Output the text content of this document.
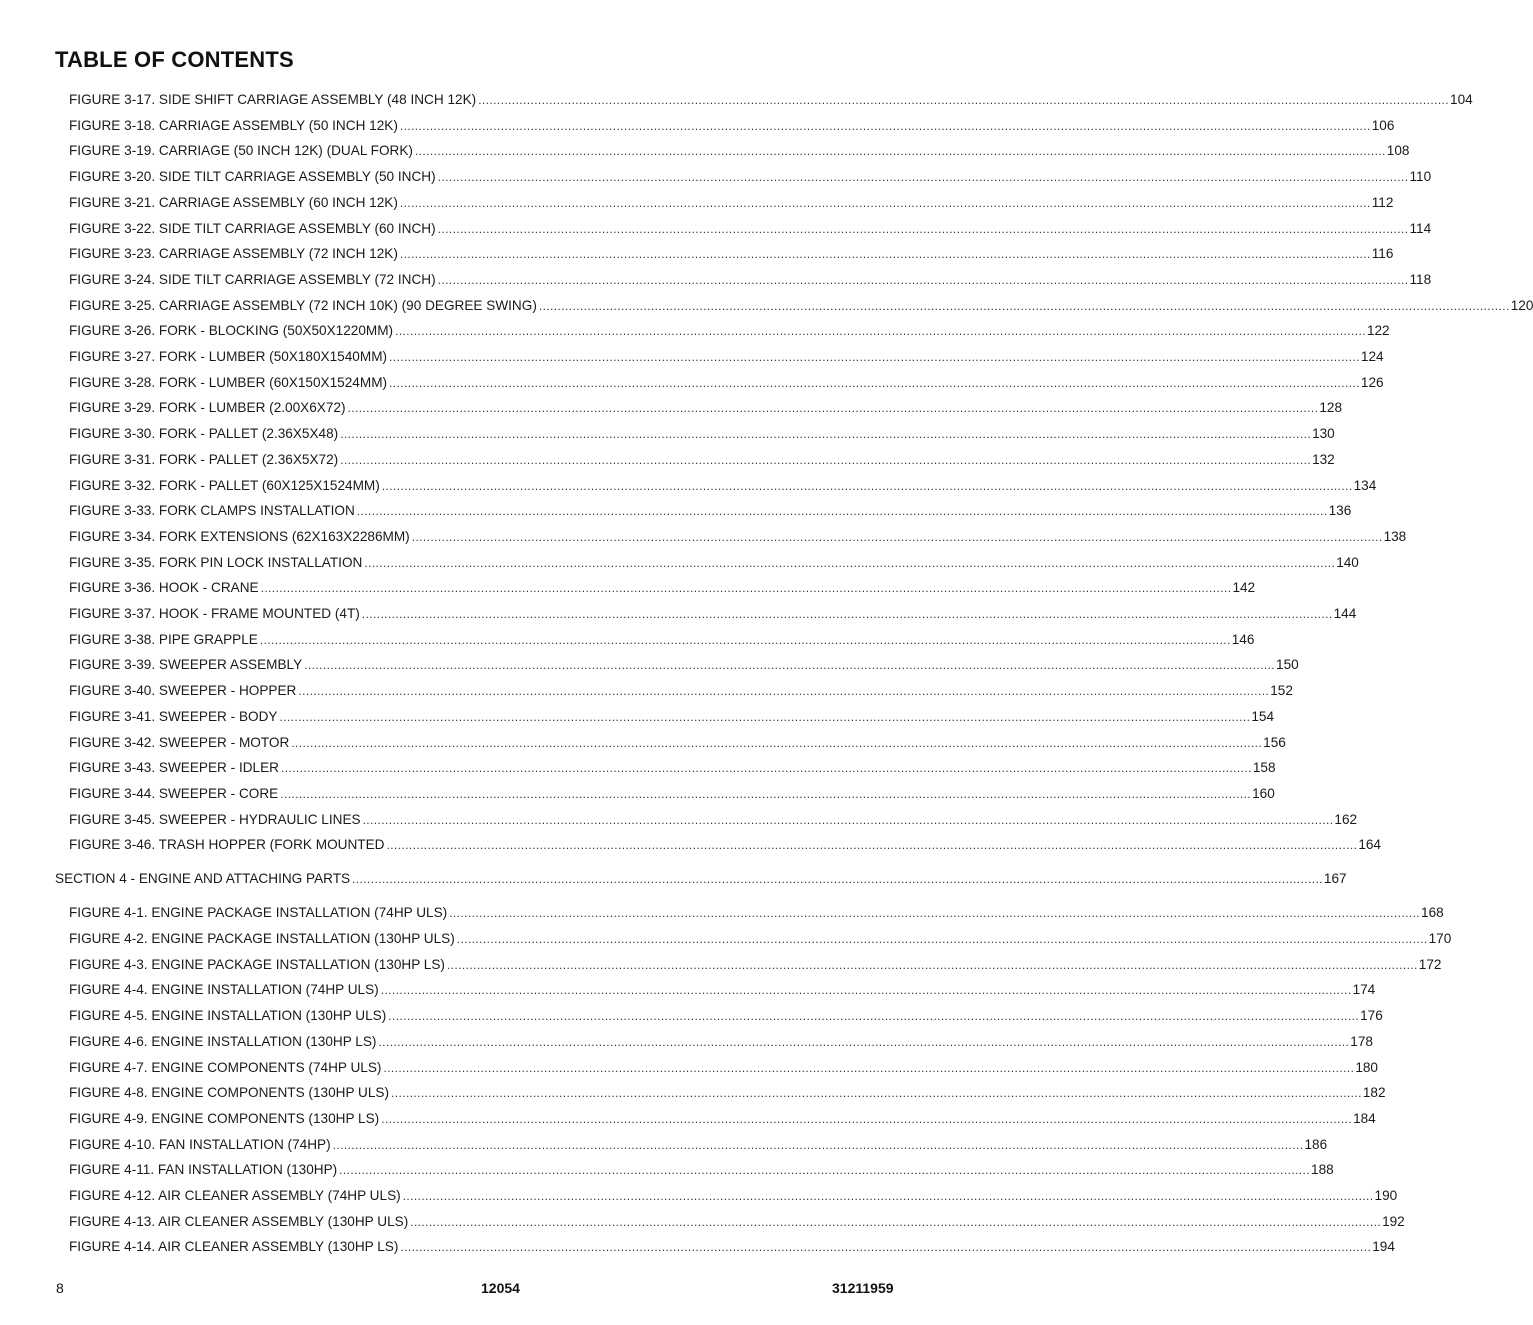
TABLE OF CONTENTS
FIGURE 3-17. SIDE SHIFT CARRIAGE ASSEMBLY (48 INCH 12K) .................................................................................................................................................................................................................................................................... 104
FIGURE 3-18. CARRIAGE ASSEMBLY (50 INCH 12K) .................................................................................................................................................................................................................................................................... 106
FIGURE 3-19. CARRIAGE (50 INCH 12K) (DUAL FORK) .................................................................................................................................................................................................................................................................... 108
FIGURE 3-20. SIDE TILT CARRIAGE ASSEMBLY (50 INCH) .................................................................................................................................................................................................................................................................... 110
FIGURE 3-21. CARRIAGE ASSEMBLY (60 INCH 12K) .................................................................................................................................................................................................................................................................... 112
FIGURE 3-22. SIDE TILT CARRIAGE ASSEMBLY (60 INCH) .................................................................................................................................................................................................................................................................... 114
FIGURE 3-23. CARRIAGE ASSEMBLY (72 INCH 12K) .................................................................................................................................................................................................................................................................... 116
FIGURE 3-24. SIDE TILT CARRIAGE ASSEMBLY (72 INCH) .................................................................................................................................................................................................................................................................... 118
FIGURE 3-25. CARRIAGE ASSEMBLY (72 INCH 10K) (90 DEGREE SWING) .................................................................................................................................................................................................................................................................... 120
FIGURE 3-26. FORK - BLOCKING (50X50X1220MM) .................................................................................................................................................................................................................................................................... 122
FIGURE 3-27. FORK - LUMBER (50X180X1540MM) .................................................................................................................................................................................................................................................................... 124
FIGURE 3-28. FORK - LUMBER (60X150X1524MM) .................................................................................................................................................................................................................................................................... 126
FIGURE 3-29. FORK - LUMBER (2.00X6X72) .................................................................................................................................................................................................................................................................... 128
FIGURE 3-30. FORK - PALLET (2.36X5X48) .................................................................................................................................................................................................................................................................... 130
FIGURE 3-31. FORK - PALLET (2.36X5X72) .................................................................................................................................................................................................................................................................... 132
FIGURE 3-32. FORK - PALLET (60X125X1524MM) .................................................................................................................................................................................................................................................................... 134
FIGURE 3-33. FORK CLAMPS INSTALLATION .................................................................................................................................................................................................................................................................... 136
FIGURE 3-34. FORK EXTENSIONS (62X163X2286MM) .................................................................................................................................................................................................................................................................... 138
FIGURE 3-35. FORK PIN LOCK INSTALLATION .................................................................................................................................................................................................................................................................... 140
FIGURE 3-36. HOOK - CRANE .................................................................................................................................................................................................................................................................... 142
FIGURE 3-37. HOOK - FRAME MOUNTED (4T) .................................................................................................................................................................................................................................................................... 144
FIGURE 3-38. PIPE GRAPPLE .................................................................................................................................................................................................................................................................... 146
FIGURE 3-39. SWEEPER ASSEMBLY .................................................................................................................................................................................................................................................................... 150
FIGURE 3-40. SWEEPER - HOPPER .................................................................................................................................................................................................................................................................... 152
FIGURE 3-41. SWEEPER - BODY .................................................................................................................................................................................................................................................................... 154
FIGURE 3-42. SWEEPER - MOTOR .................................................................................................................................................................................................................................................................... 156
FIGURE 3-43. SWEEPER - IDLER .................................................................................................................................................................................................................................................................... 158
FIGURE 3-44. SWEEPER - CORE .................................................................................................................................................................................................................................................................... 160
FIGURE 3-45. SWEEPER - HYDRAULIC LINES .................................................................................................................................................................................................................................................................... 162
FIGURE 3-46. TRASH HOPPER (FORK MOUNTED .................................................................................................................................................................................................................................................................... 164
SECTION 4 - ENGINE AND ATTACHING PARTS .................................................................................................................................................................................................................................................................... 167
FIGURE 4-1. ENGINE PACKAGE INSTALLATION (74HP ULS) .................................................................................................................................................................................................................................................................... 168
FIGURE 4-2. ENGINE PACKAGE INSTALLATION (130HP ULS) .................................................................................................................................................................................................................................................................... 170
FIGURE 4-3. ENGINE PACKAGE INSTALLATION (130HP LS) .................................................................................................................................................................................................................................................................... 172
FIGURE 4-4. ENGINE INSTALLATION (74HP ULS) .................................................................................................................................................................................................................................................................... 174
FIGURE 4-5. ENGINE INSTALLATION (130HP ULS) .................................................................................................................................................................................................................................................................... 176
FIGURE 4-6. ENGINE INSTALLATION (130HP LS) .................................................................................................................................................................................................................................................................... 178
FIGURE 4-7. ENGINE COMPONENTS (74HP ULS) .................................................................................................................................................................................................................................................................... 180
FIGURE 4-8. ENGINE COMPONENTS (130HP ULS) .................................................................................................................................................................................................................................................................... 182
FIGURE 4-9. ENGINE COMPONENTS (130HP LS) .................................................................................................................................................................................................................................................................... 184
FIGURE 4-10. FAN INSTALLATION (74HP) .................................................................................................................................................................................................................................................................... 186
FIGURE 4-11. FAN INSTALLATION (130HP) .................................................................................................................................................................................................................................................................... 188
FIGURE 4-12. AIR CLEANER ASSEMBLY (74HP ULS) .................................................................................................................................................................................................................................................................... 190
FIGURE 4-13. AIR CLEANER ASSEMBLY (130HP ULS) .................................................................................................................................................................................................................................................................... 192
FIGURE 4-14. AIR CLEANER ASSEMBLY (130HP LS) .................................................................................................................................................................................................................................................................... 194
8	12054	31211959
